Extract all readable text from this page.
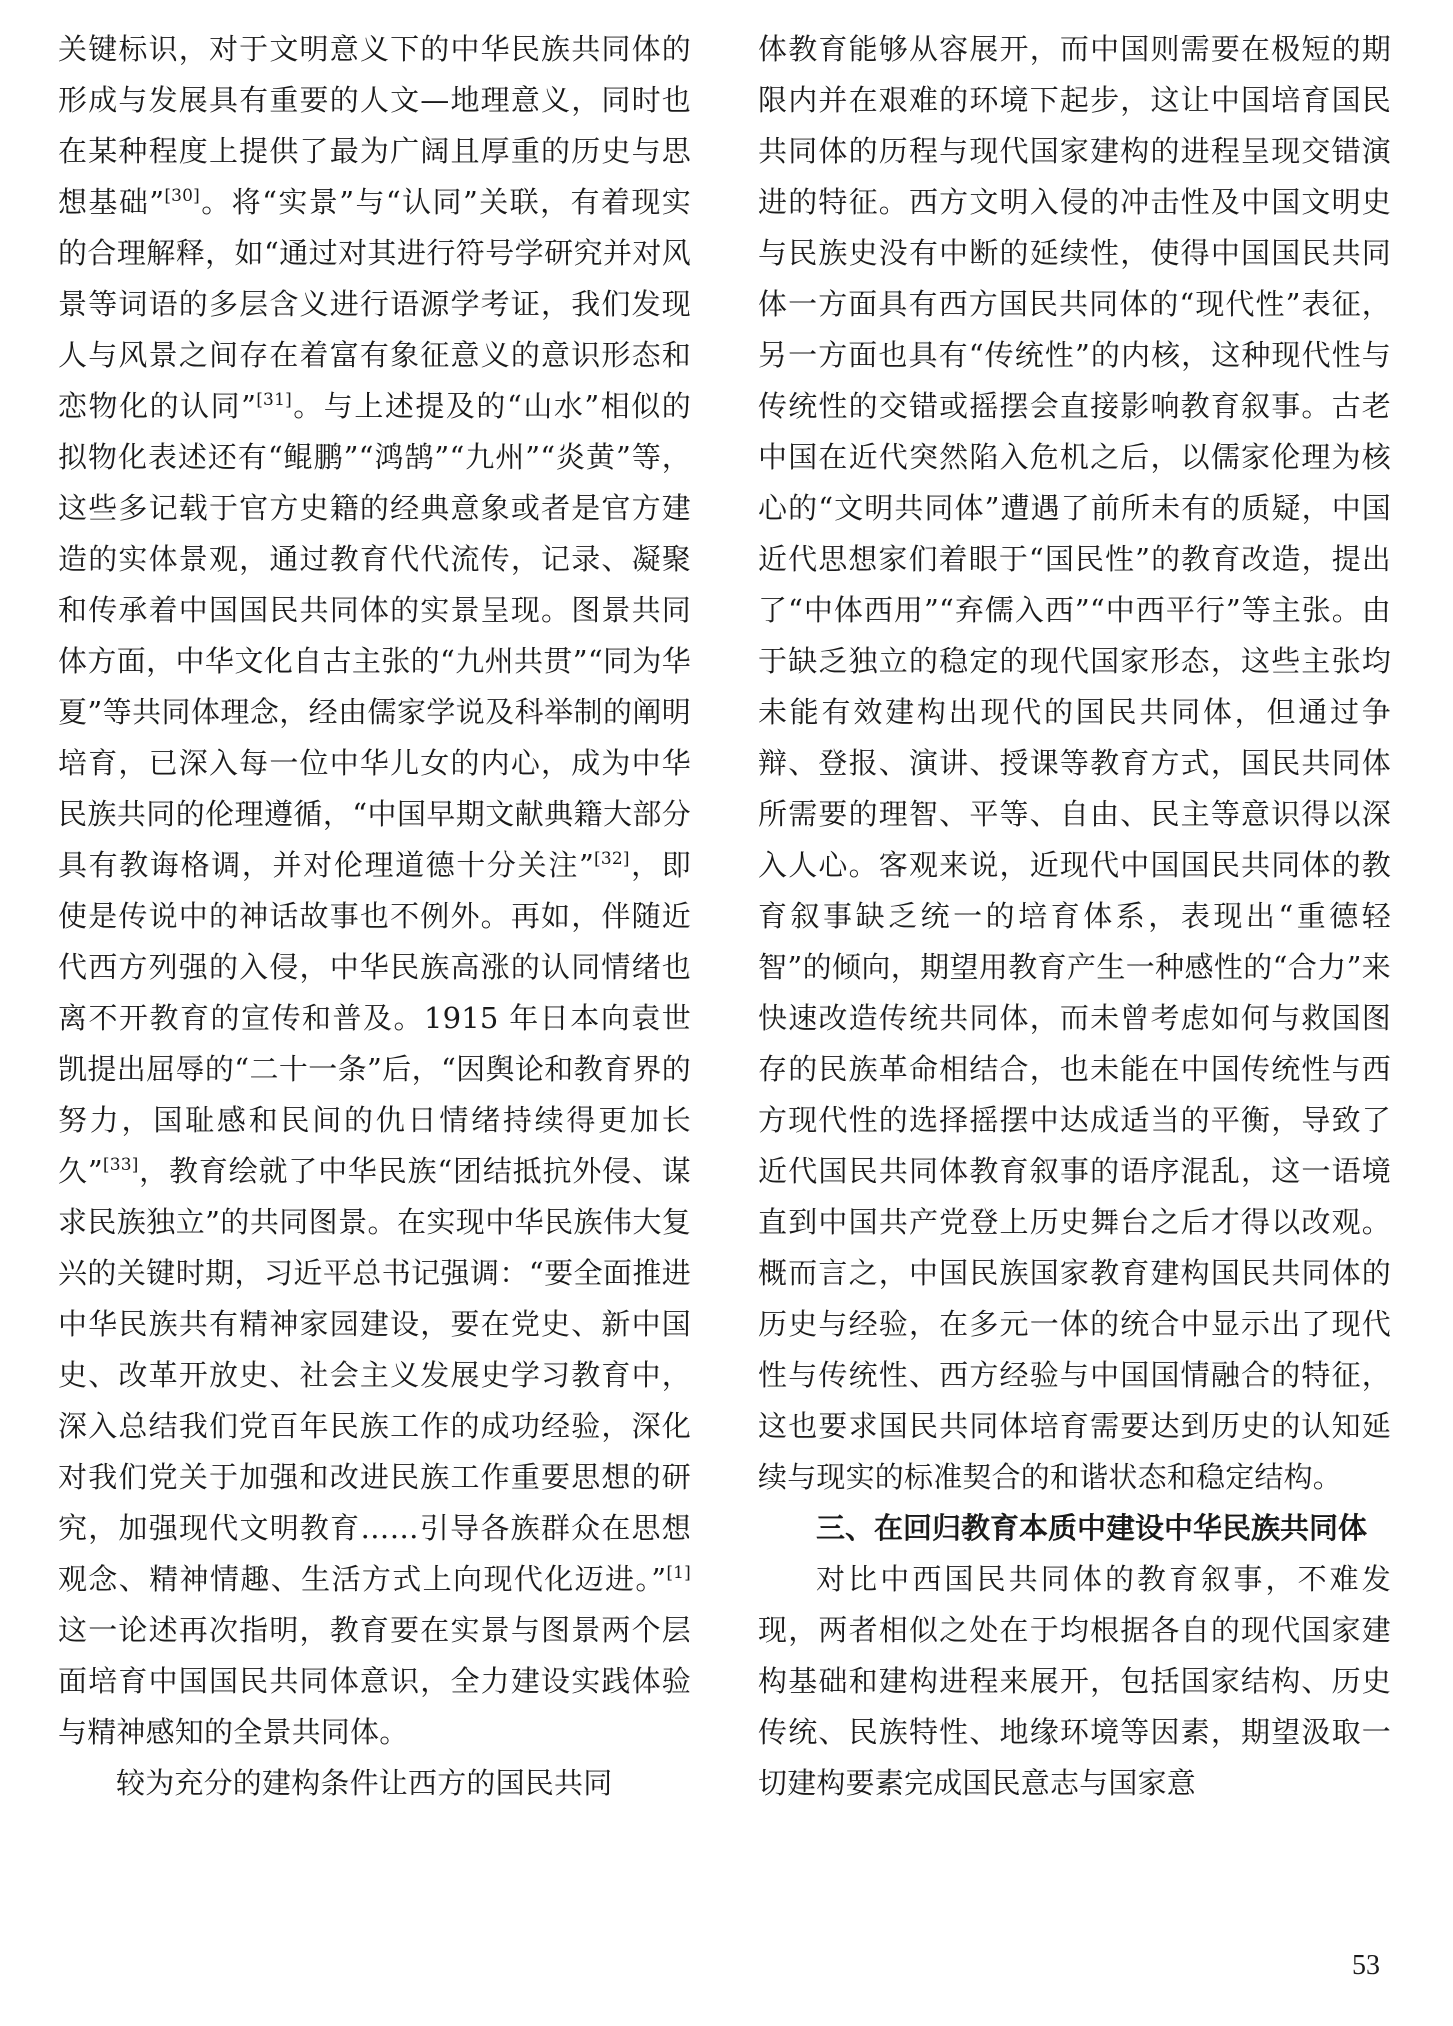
关键标识，对于文明意义下的中华民族共同体的形成与发展具有重要的人文—地理意义，同时也在某种程度上提供了最为广阔且厚重的历史与思想基础”[30]。将“实景”与“认同”关联，有着现实的合理解释，如“通过对其进行符号学研究并对风景等词语的多层含义进行语源学考证，我们发现人与风景之间存在着富有象征意义的意识形态和恋物化的认同”[31]。与上述提及的“山水”相似的拟物化表述还有“鲲鹏”“鸿鹄”“九州”“炎黄”等，这些多记载于官方史籍的经典意象或者是官方建造的实体景观，通过教育代代流传，记录、凝聚和传承着中国国民共同体的实景呈现。图景共同体方面，中华文化自古主张的“九州共贯”“同为华夏”等共同体理念，经由儒家学说及科举制的阐明培育，已深入每一位中华儿女的内心，成为中华民族共同的伦理遵循，“中国早期文献典籍大部分具有教诲格调，并对伦理道德十分关注”[32]，即使是传说中的神话故事也不例外。再如，伴随近代西方列强的入侵，中华民族高涨的认同情绪也离不开教育的宣传和普及。1915 年日本向袁世凯提出屈辱的“二十一条”后，“因舆论和教育界的努力，国耻感和民间的仇日情绪持续得更加长久”[33]，教育绘就了中华民族“团结抵抗外侵、谋求民族独立”的共同图景。在实现中华民族伟大复兴的关键时期，习近平总书记强调：“要全面推进中华民族共有精神家园建设，要在党史、新中国史、改革开放史、社会主义发展史学习教育中，深入总结我们党百年民族工作的成功经验，深化对我们党关于加强和改进民族工作重要思想的研究，加强现代文明教育……引导各族群众在思想观念、精神情趣、生活方式上向现代化迈进。”[1]这一论述再次指明，教育要在实景与图景两个层面培育中国国民共同体意识，全力建设实践体验与精神感知的全景共同体。

较为充分的建构条件让西方的国民共同

体教育能够从容展开，而中国则需要在极短的期限内并在艰难的环境下起步，这让中国培育国民共同体的历程与现代国家建构的进程呈现交错演进的特征。西方文明入侵的冲击性及中国文明史与民族史没有中断的延续性，使得中国国民共同体一方面具有西方国民共同体的“现代性”表征，另一方面也具有“传统性”的内核，这种现代性与传统性的交错或摇摆会直接影响教育叙事。古老中国在近代突然陷入危机之后，以儒家伦理为核心的“文明共同体”遭遇了前所未有的质疑，中国近代思想家们着眼于“国民性”的教育改造，提出了“中体西用”“弃儒入西”“中西平行”等主张。由于缺乏独立的稳定的现代国家形态，这些主张均未能有效建构出现代的国民共同体，但通过争辩、登报、演讲、授课等教育方式，国民共同体所需要的理智、平等、自由、民主等意识得以深入人心。客观来说，近现代中国国民共同体的教育叙事缺乏统一的培育体系，表现出“重德轻智”的倾向，期望用教育产生一种感性的“合力”来快速改造传统共同体，而未曾考虑如何与救国图存的民族革命相结合，也未能在中国传统性与西方现代性的选择摇摆中达成适当的平衡，导致了近代国民共同体教育叙事的语序混乱，这一语境直到中国共产党登上历史舞台之后才得以改观。概而言之，中国民族国家教育建构国民共同体的历史与经验，在多元一体的统合中显示出了现代性与传统性、西方经验与中国国情融合的特征，这也要求国民共同体培育需要达到历史的认知延续与现实的标准契合的和谐状态和稳定结构。

三、在回归教育本质中建设中华民族共同体

对比中西国民共同体的教育叙事，不难发现，两者相似之处在于均根据各自的现代国家建构基础和建构进程来展开，包括国家结构、历史传统、民族特性、地缘环境等因素，期望汲取一切建构要素完成国民意志与国家意

53
